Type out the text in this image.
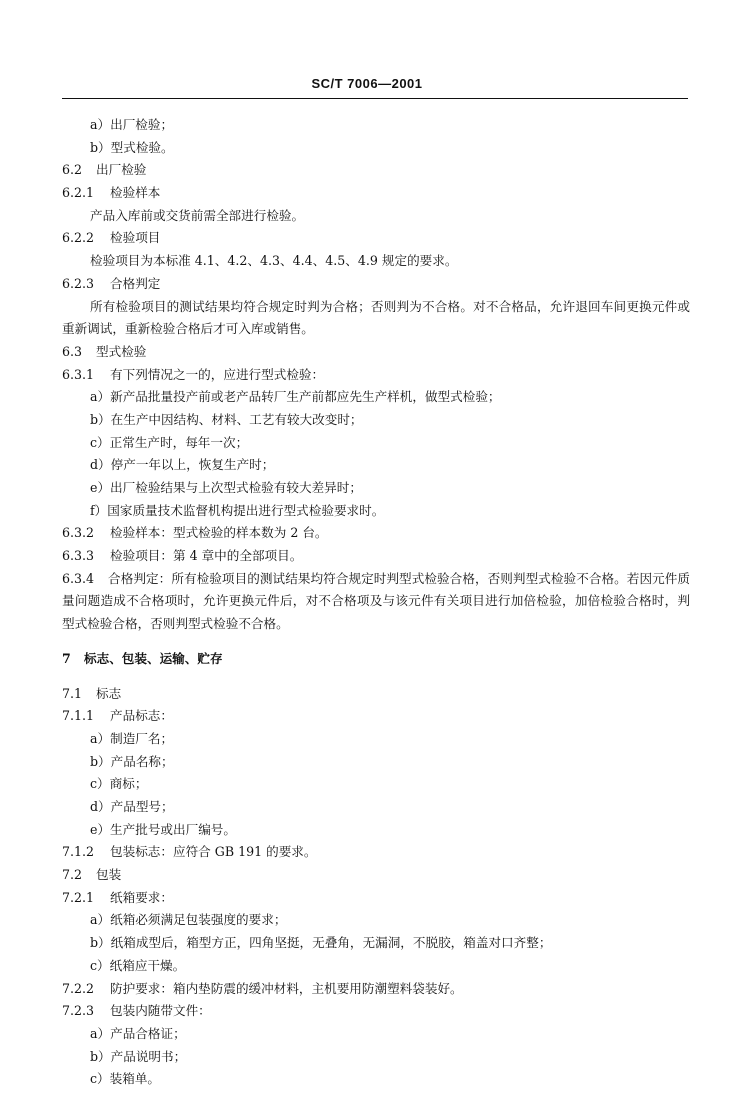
SC/T 7006—2001
a）出厂检验；
b）型式检验。
6.2 出厂检验
6.2.1 检验样本
产品入库前或交货前需全部进行检验。
6.2.2 检验项目
检验项目为本标准 4.1、4.2、4.3、4.4、4.5、4.9 规定的要求。
6.2.3 合格判定
所有检验项目的测试结果均符合规定时判为合格；否则判为不合格。对不合格品，允许退回车间更换元件或重新调试，重新检验合格后才可入库或销售。
6.3 型式检验
6.3.1 有下列情况之一的，应进行型式检验：
a）新产品批量投产前或老产品转厂生产前都应先生产样机，做型式检验；
b）在生产中因结构、材料、工艺有较大改变时；
c）正常生产时，每年一次；
d）停产一年以上，恢复生产时；
e）出厂检验结果与上次型式检验有较大差异时；
f）国家质量技术监督机构提出进行型式检验要求时。
6.3.2 检验样本：型式检验的样本数为 2 台。
6.3.3 检验项目：第 4 章中的全部项目。
6.3.4 合格判定：所有检验项目的测试结果均符合规定时判型式检验合格，否则判型式检验不合格。若因元件质量问题造成不合格项时，允许更换元件后，对不合格项及与该元件有关项目进行加倍检验，加倍检验合格时，判型式检验合格，否则判型式检验不合格。
7 标志、包装、运输、贮存
7.1 标志
7.1.1 产品标志：
a）制造厂名；
b）产品名称；
c）商标；
d）产品型号；
e）生产批号或出厂编号。
7.1.2 包装标志：应符合 GB 191 的要求。
7.2 包装
7.2.1 纸箱要求：
a）纸箱必须满足包装强度的要求；
b）纸箱成型后，箱型方正，四角坚挺，无叠角，无漏洞，不脱胶，箱盖对口齐整；
c）纸箱应干燥。
7.2.2 防护要求：箱内垫防震的缓冲材料，主机要用防潮塑料袋装好。
7.2.3 包装内随带文件：
a）产品合格证；
b）产品说明书；
c）装箱单。
